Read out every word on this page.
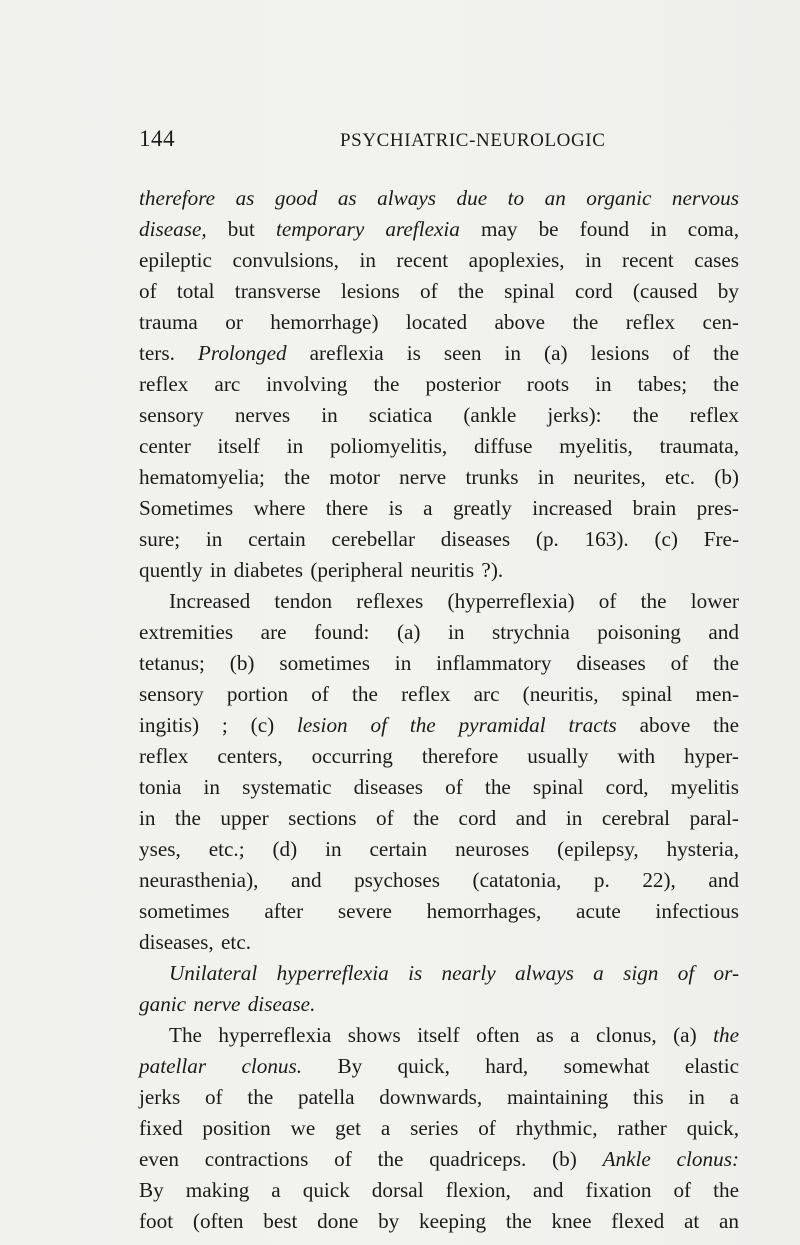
144	PSYCHIATRIC-NEUROLOGIC
therefore as good as always due to an organic nervous
disease, but temporary areflexia may be found in coma,
epileptic convulsions, in recent apoplexies, in recent cases
of total transverse lesions of the spinal cord (caused by
trauma or hemorrhage) located above the reflex cen-
ters. Prolonged areflexia is seen in (a) lesions of the
reflex arc involving the posterior roots in tabes; the
sensory nerves in sciatica (ankle jerks): the reflex
center itself in poliomyelitis, diffuse myelitis, traumata,
hematomyelia; the motor nerve trunks in neurites, etc. (b)
Sometimes where there is a greatly increased brain pres-
sure; in certain cerebellar diseases (p. 163). (c) Fre-
quently in diabetes (peripheral neuritis ?).
Increased tendon reflexes (hyperreflexia) of the lower
extremities are found: (a) in strychnia poisoning and
tetanus; (b) sometimes in inflammatory diseases of the
sensory portion of the reflex arc (neuritis, spinal men-
ingitis) ; (c) lesion of the pyramidal tracts above the
reflex centers, occurring therefore usually with hyper-
tonia in systematic diseases of the spinal cord, myelitis
in the upper sections of the cord and in cerebral paral-
yses, etc.; (d) in certain neuroses (epilepsy, hysteria,
neurasthenia), and psychoses (catatonia, p. 22), and
sometimes after severe hemorrhages, acute infectious
diseases, etc.
Unilateral hyperreflexia is nearly always a sign of or-
ganic nerve disease.
The hyperreflexia shows itself often as a clonus, (a) the
patellar clonus. By quick, hard, somewhat elastic
jerks of the patella downwards, maintaining this in a
fixed position we get a series of rhythmic, rather quick,
even contractions of the quadriceps. (b) Ankle clonus:
By making a quick dorsal flexion, and fixation of the
foot (often best done by keeping the knee flexed at an
